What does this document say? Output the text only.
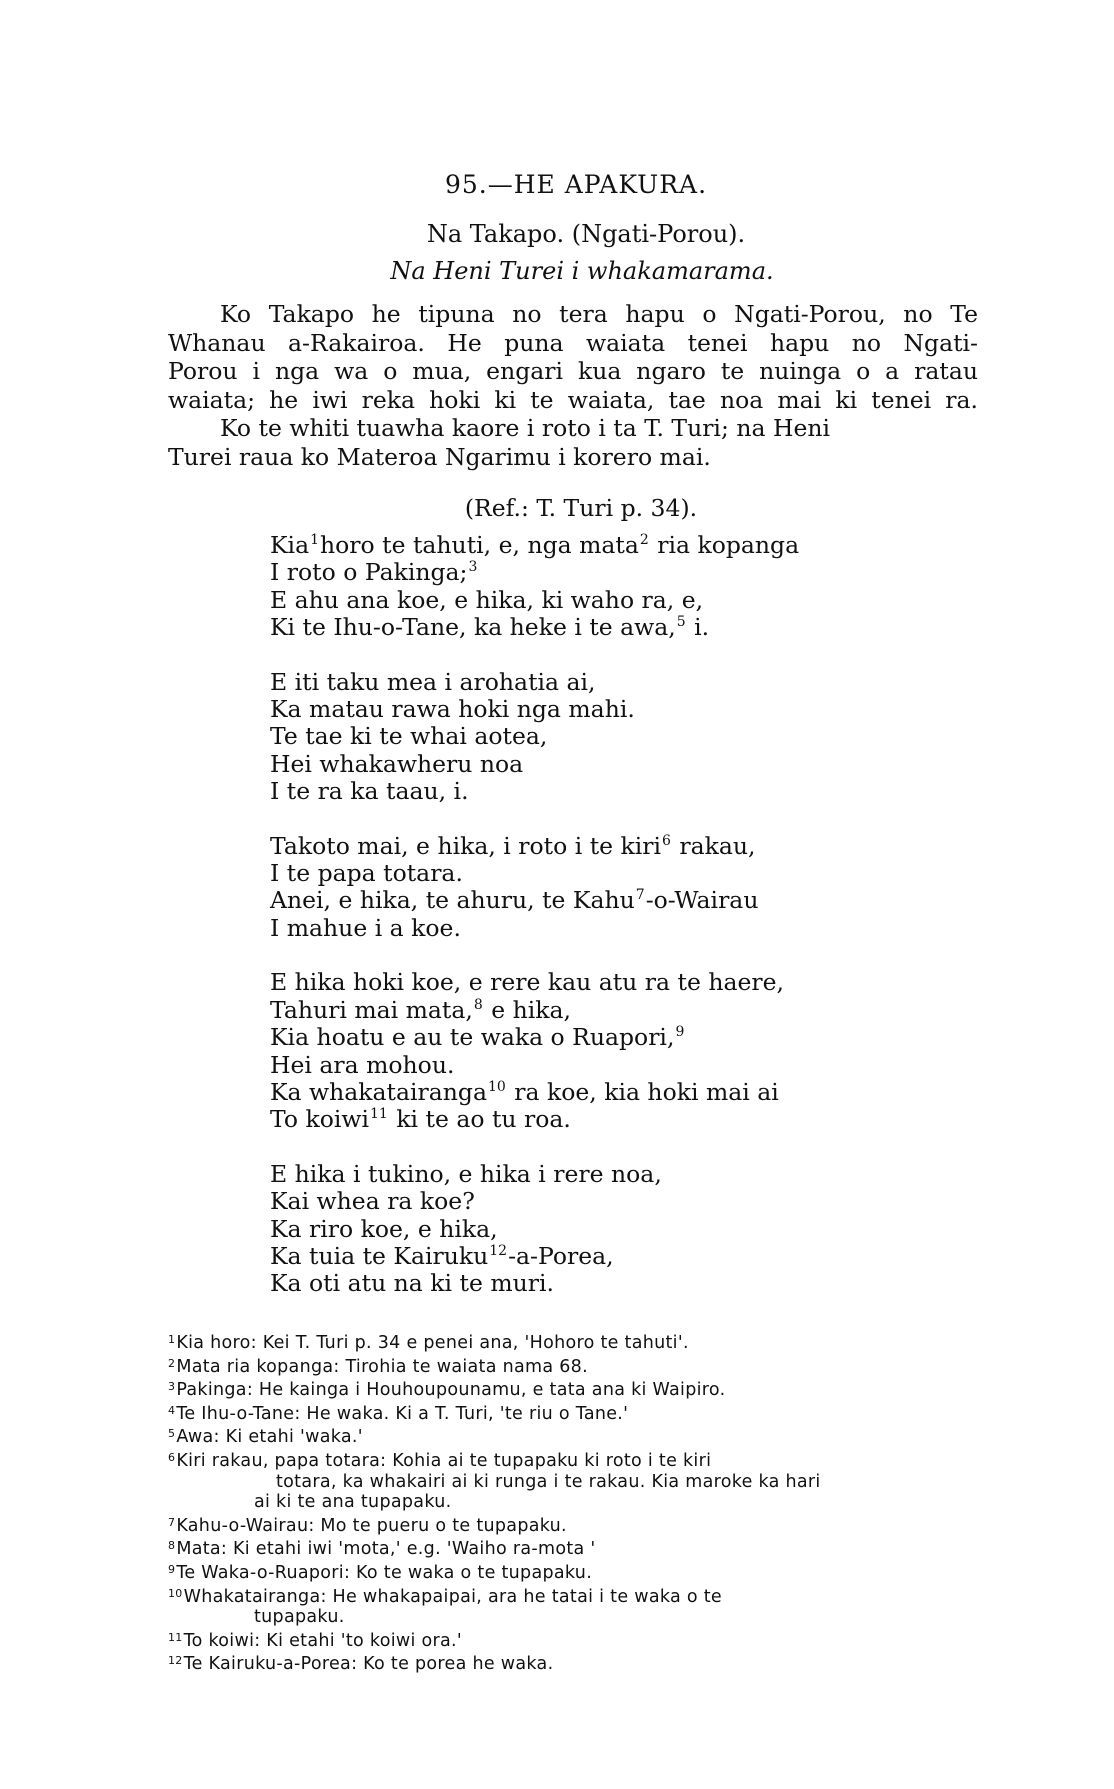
95.—HE APAKURA.
Na Takapo. (Ngati-Porou).
Na Heni Turei i whakamarama.

Ko Takapo he tipuna no tera hapu o Ngati-Porou, no Te
Whanau a-Rakairoa. He puna waiata tenei hapu no Ngati-
Porou i nga wa o mua, engari kua ngaro te nuinga o a ratau
waiata; he iwi reka hoki ki te waiata, tae noa mai ki tenei ra.

Ko te whiti tuawha kaore i roto i ta T. Turi; na Heni
Turei raua ko Materoa Ngarimu i korero mai.

(Ref.: T. Turi p. 34).
Kia$^1$horo te tahuti, e, nga mata$^2$ ria kopanga
I roto o Pakinga;$^3$
E ahu ana koe, e hika, ki waho ra, e,
Ki te Ihu-o-Tane, ka heke i te awa,$^5$ i.
E iti taku mea i arohatia ai,
Ka matau rawa hoki nga mahi.
Te tae ki te whai aotea,
Hei whakawheru noa
I te ra ka taau, i.
Takoto mai, e hika, i roto i te kiri$^6$ rakau,
I te papa totara.
Anei, e hika, te ahuru, te Kahu$^7$-o-Wairau
I mahue i a koe.
E hika hoki koe, e rere kau atu ra te haere,
Tahuri mai mata,$^8$ e hika,
Kia hoatu e au te waka o Ruapori,$^9$
Hei ara mohou.
Ka whakatairanga$^{10}$ ra koe, kia hoki mai ai
To koiwi$^{11}$ ki te ao tu roa.
E hika i tukino, e hika i rere noa,
Kai whea ra koe?
Ka riro koe, e hika,
Ka tuia te Kairuku$^{12}$-a-Porea,
Ka oti atu na ki te muri.
$^1$Kia horo: Kei T. Turi p. 34 e penei ana, 'Hohoro te tahuti'.
$^2$Mata ria kopanga: Tirohia te waiata nama 68.
$^3$Pakinga: He kainga i Houhoupounamu, e tata ana ki Waipiro.
$^4$Te Ihu-o-Tane: He waka. Ki a T. Turi, 'te riu o Tane.'
$^5$Awa: Ki etahi 'waka.'
$^6$Kiri rakau, papa totara: Kohia ai te tupapaku ki roto i te kiri
totara, ka whakairi ai ki runga i te rakau. Kia maroke ka hari
ai ki te ana tupapaku.
$^7$Kahu-o-Wairau: Mo te pueru o te tupapaku.
$^8$Mata: Ki etahi iwi 'mota,' e.g. 'Waiho ra-mota '
$^9$Te Waka-o-Ruapori: Ko te waka o te tupapaku.
$^{10}$Whakatairanga: He whakapaipai, ara he tatai i te waka o te
tupapaku.
$^{11}$To koiwi: Ki etahi 'to koiwi ora.'
$^{12}$Te Kairuku-a-Porea: Ko te porea he waka.
